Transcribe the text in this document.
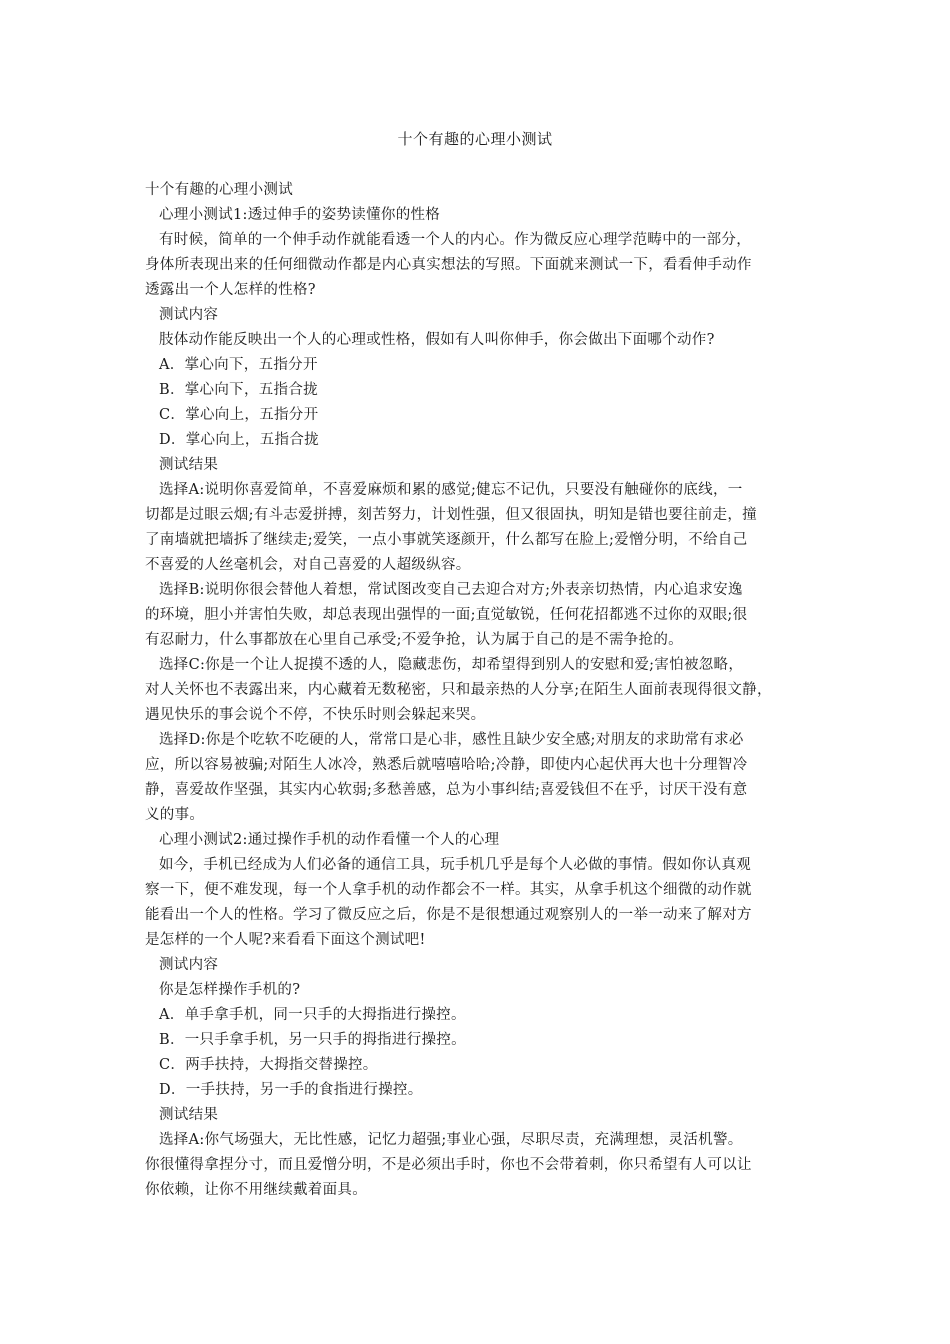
十个有趣的心理小测试
十个有趣的心理小测试
心理小测试1:透过伸手的姿势读懂你的性格
有时候，简单的一个伸手动作就能看透一个人的内心。作为微反应心理学范畴中的一部分，
身体所表现出来的任何细微动作都是内心真实想法的写照。下面就来测试一下，看看伸手动作
透露出一个人怎样的性格?
测试内容
肢体动作能反映出一个人的心理或性格，假如有人叫你伸手，你会做出下面哪个动作?
A．掌心向下，五指分开
B．掌心向下，五指合拢
C．掌心向上，五指分开
D．掌心向上，五指合拢
测试结果
选择A:说明你喜爱简单，不喜爱麻烦和累的感觉;健忘不记仇，只要没有触碰你的底线，一
切都是过眼云烟;有斗志爱拼搏，刻苦努力，计划性强，但又很固执，明知是错也要往前走，撞
了南墙就把墙拆了继续走;爱笑，一点小事就笑逐颜开，什么都写在脸上;爱憎分明，不给自己
不喜爱的人丝毫机会，对自己喜爱的人超级纵容。
选择B:说明你很会替他人着想，常试图改变自己去迎合对方;外表亲切热情，内心追求安逸
的环境，胆小并害怕失败，却总表现出强悍的一面;直觉敏锐，任何花招都逃不过你的双眼;很
有忍耐力，什么事都放在心里自己承受;不爱争抢，认为属于自己的是不需争抢的。
选择C:你是一个让人捉摸不透的人，隐藏悲伤，却希望得到别人的安慰和爱;害怕被忽略，
对人关怀也不表露出来，内心藏着无数秘密，只和最亲热的人分享;在陌生人面前表现得很文静，
遇见快乐的事会说个不停，不快乐时则会躲起来哭。
选择D:你是个吃软不吃硬的人，常常口是心非，感性且缺少安全感;对朋友的求助常有求必
应，所以容易被骗;对陌生人冰冷，熟悉后就嘻嘻哈哈;冷静，即使内心起伏再大也十分理智冷
静，喜爱故作坚强，其实内心软弱;多愁善感，总为小事纠结;喜爱钱但不在乎，讨厌干没有意
义的事。
心理小测试2:通过操作手机的动作看懂一个人的心理
如今，手机已经成为人们必备的通信工具，玩手机几乎是每个人必做的事情。假如你认真观
察一下，便不难发现，每一个人拿手机的动作都会不一样。其实，从拿手机这个细微的动作就
能看出一个人的性格。学习了微反应之后，你是不是很想通过观察别人的一举一动来了解对方
是怎样的一个人呢?来看看下面这个测试吧!
测试内容
你是怎样操作手机的?
A．单手拿手机，同一只手的大拇指进行操控。
B．一只手拿手机，另一只手的拇指进行操控。
C．两手扶持，大拇指交替操控。
D．一手扶持，另一手的食指进行操控。
测试结果
选择A:你气场强大，无比性感，记忆力超强;事业心强，尽职尽责，充满理想，灵活机警。
你很懂得拿捏分寸，而且爱憎分明，不是必须出手时，你也不会带着刺，你只希望有人可以让
你依赖，让你不用继续戴着面具。
